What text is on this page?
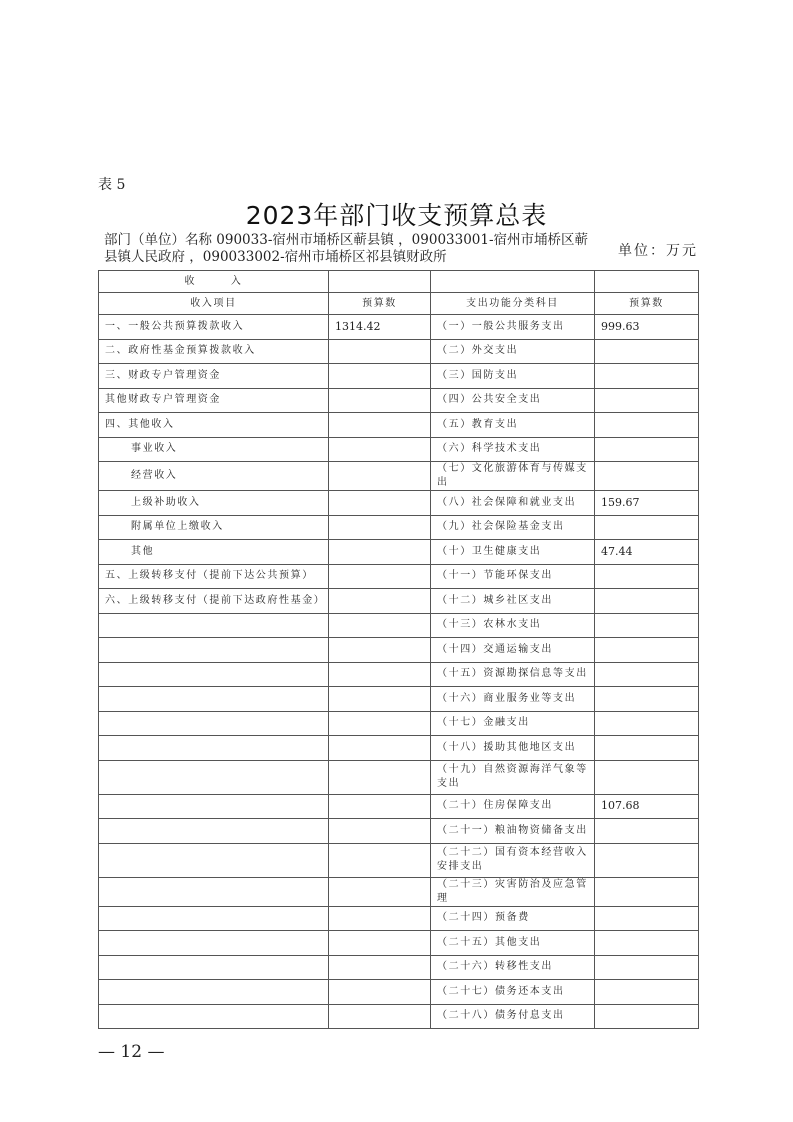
表 5
2023年部门收支预算总表
部门（单位）名称 090033-宿州市埇桥区蕲县镇 ，090033001-宿州市埇桥区蕲县镇人民政府 ，090033002-宿州市埇桥区祁县镇财政所	单位：万元
收　　　入			
收入项目	预算数	支出功能分类科目	预算数
一、一般公共预算拨款收入	1314.42	（一）一般公共服务支出	999.63
二、政府性基金预算拨款收入		（二）外交支出	
三、财政专户管理资金		（三）国防支出	
其他财政专户管理资金		（四）公共安全支出	
四、其他收入		（五）教育支出	
事业收入		（六）科学技术支出	
经营收入		（七）文化旅游体育与传媒支出	
上级补助收入		（八）社会保障和就业支出	159.67
附属单位上缴收入		（九）社会保险基金支出	
其他		（十）卫生健康支出	47.44
五、上级转移支付（提前下达公共预算）		（十一）节能环保支出	
六、上级转移支付（提前下达政府性基金）		（十二）城乡社区支出	
		（十三）农林水支出	
		（十四）交通运输支出	
		（十五）资源勘探信息等支出	
		（十六）商业服务业等支出	
		（十七）金融支出	
		（十八）援助其他地区支出	
		（十九）自然资源海洋气象等支出	
		（二十）住房保障支出	107.68
		（二十一）粮油物资储备支出	
		（二十二）国有资本经营收入安排支出	
		（二十三）灾害防治及应急管理	
		（二十四）预备费	
		（二十五）其他支出	
		（二十六）转移性支出	
		（二十七）债务还本支出	
		（二十八）债务付息支出	
— 12 —
